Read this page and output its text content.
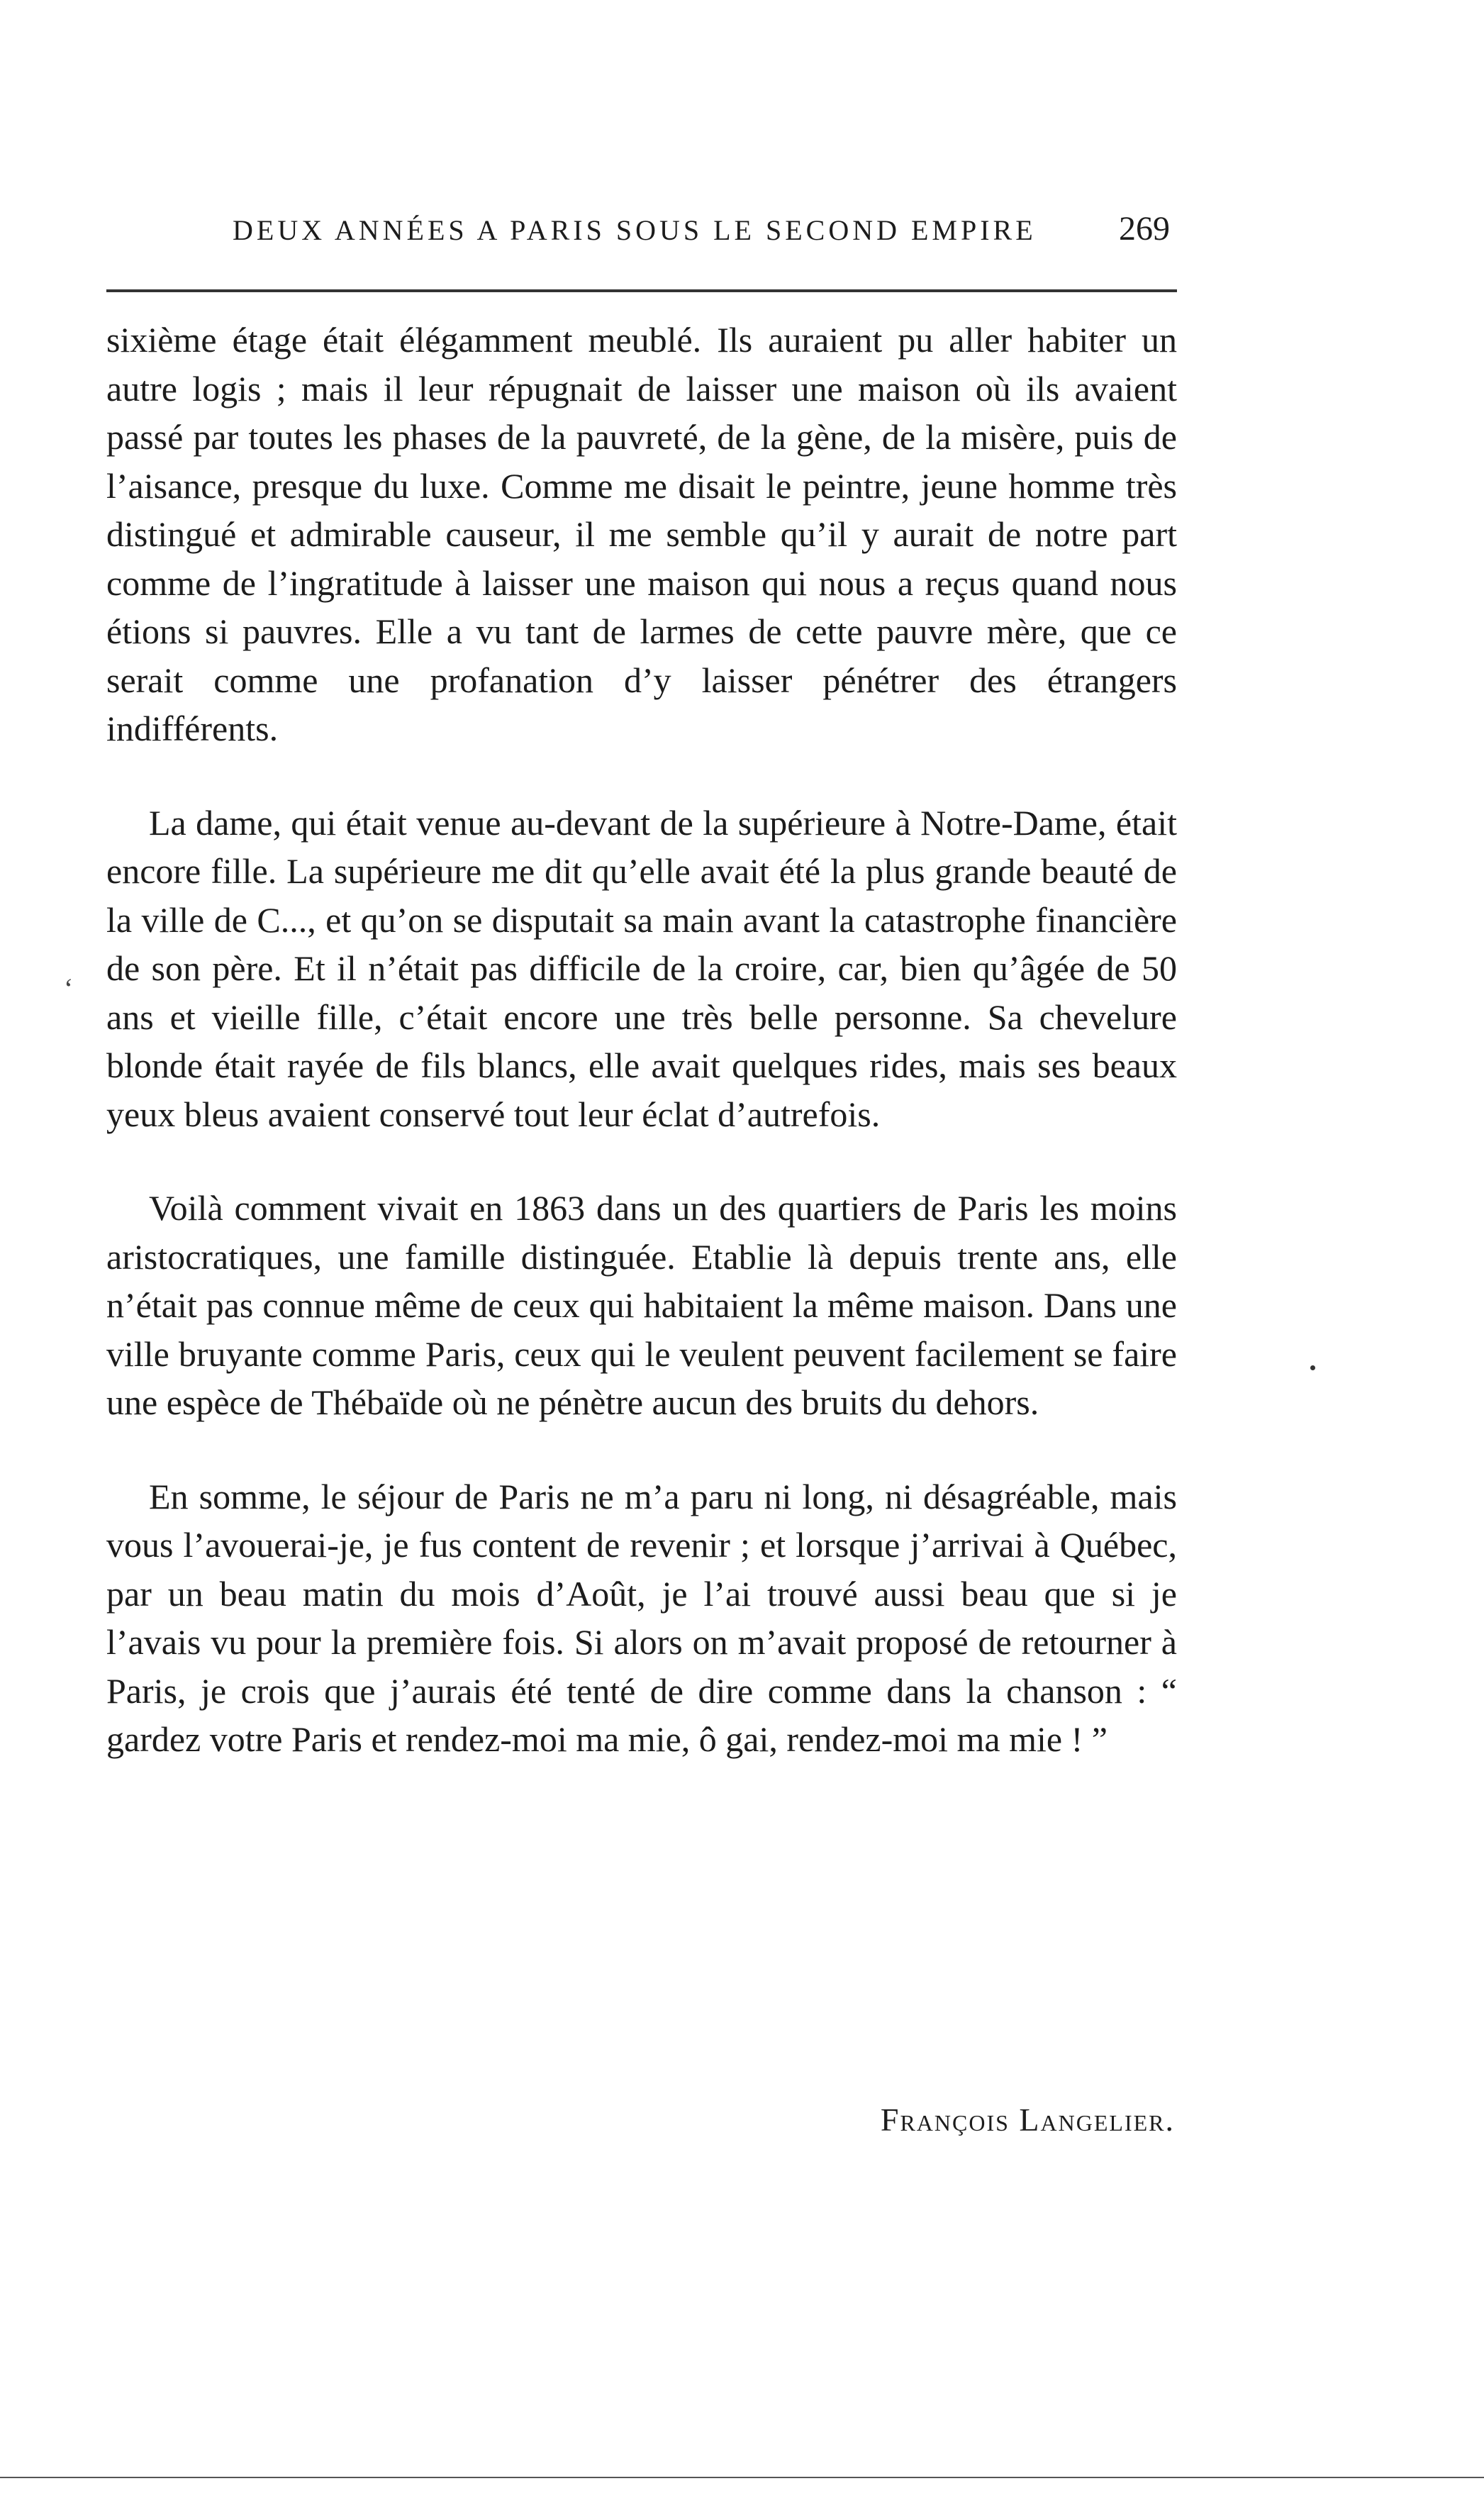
DEUX ANNÉES A PARIS SOUS LE SECOND EMPIRE 269

sixième étage était élégamment meublé. Ils auraient pu aller habiter un autre logis ; mais il leur répugnait de laisser une maison où ils avaient passé par toutes les phases de la pauvreté, de la gène, de la misère, puis de l’aisance, presque du luxe. Comme me disait le peintre, jeune homme très distingué et admirable causeur, il me semble qu’il y aurait de notre part comme de l’ingratitude à laisser une maison qui nous a reçus quand nous étions si pauvres. Elle a vu tant de larmes de cette pauvre mère, que ce serait comme une profanation d’y laisser pénétrer des étrangers indifférents.

La dame, qui était venue au-devant de la supérieure à Notre-Dame, était encore fille. La supérieure me dit qu’elle avait été la plus grande beauté de la ville de C..., et qu’on se disputait sa main avant la catastrophe financière de son père. Et il n’était pas difficile de la croire, car, bien qu’âgée de 50 ans et vieille fille, c’était encore une très belle personne. Sa chevelure blonde était rayée de fils blancs, elle avait quelques rides, mais ses beaux yeux bleus avaient conservé tout leur éclat d’autrefois.

Voilà comment vivait en 1863 dans un des quartiers de Paris les moins aristocratiques, une famille distinguée. Etablie là depuis trente ans, elle n’était pas connue même de ceux qui habitaient la même maison. Dans une ville bruyante comme Paris, ceux qui le veulent peuvent facilement se faire une espèce de Thébaïde où ne pénètre aucun des bruits du dehors.

En somme, le séjour de Paris ne m’a paru ni long, ni désagréable, mais vous l’avouerai-je, je fus content de revenir ; et lorsque j’arrivai à Québec, par un beau matin du mois d’Août, je l’ai trouvé aussi beau que si je l’avais vu pour la première fois. Si alors on m’avait proposé de retourner à Paris, je crois que j’aurais été tenté de dire comme dans la chanson : “ gardez votre Paris et rendez-moi ma mie, ô gai, rendez-moi ma mie ! ”

François Langelier.
‘
